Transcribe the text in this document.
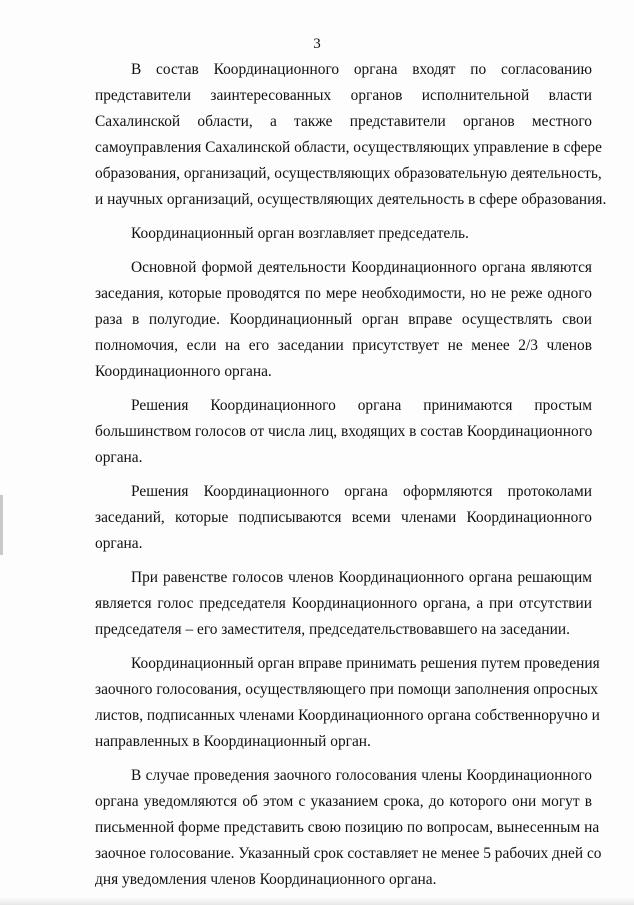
3

В состав Координационного органа входят по согласованию
представители заинтересованных органов исполнительной власти
Сахалинской области, а также представители органов местного
самоуправления Сахалинской области, осуществляющих управление в сфере
образования, организаций, осуществляющих образовательную деятельность,
и научных организаций, осуществляющих деятельность в сфере образования.

Координационный орган возглавляет председатель.

Основной формой деятельности Координационного органа являются
заседания, которые проводятся по мере необходимости, но не реже одного
раза в полугодие. Координационный орган вправе осуществлять свои
полномочия, если на его заседании присутствует не менее 2/3 членов
Координационного органа.

Решения Координационного органа принимаются простым
большинством голосов от числа лиц, входящих в состав Координационного
органа.

Решения Координационного органа оформляются протоколами
заседаний, которые подписываются всеми членами Координационного
органа.

При равенстве голосов членов Координационного органа решающим
является голос председателя Координационного органа, а при отсутствии
председателя – его заместителя, председательствовавшего на заседании.

Координационный орган вправе принимать решения путем проведения
заочного голосования, осуществляющего при помощи заполнения опросных
листов, подписанных членами Координационного органа собственноручно и
направленных в Координационный орган.

В случае проведения заочного голосования члены Координационного
органа уведомляются об этом с указанием срока, до которого они могут в
письменной форме представить свою позицию по вопросам, вынесенным на
заочное голосование. Указанный срок составляет не менее 5 рабочих дней со
дня уведомления членов Координационного органа.
